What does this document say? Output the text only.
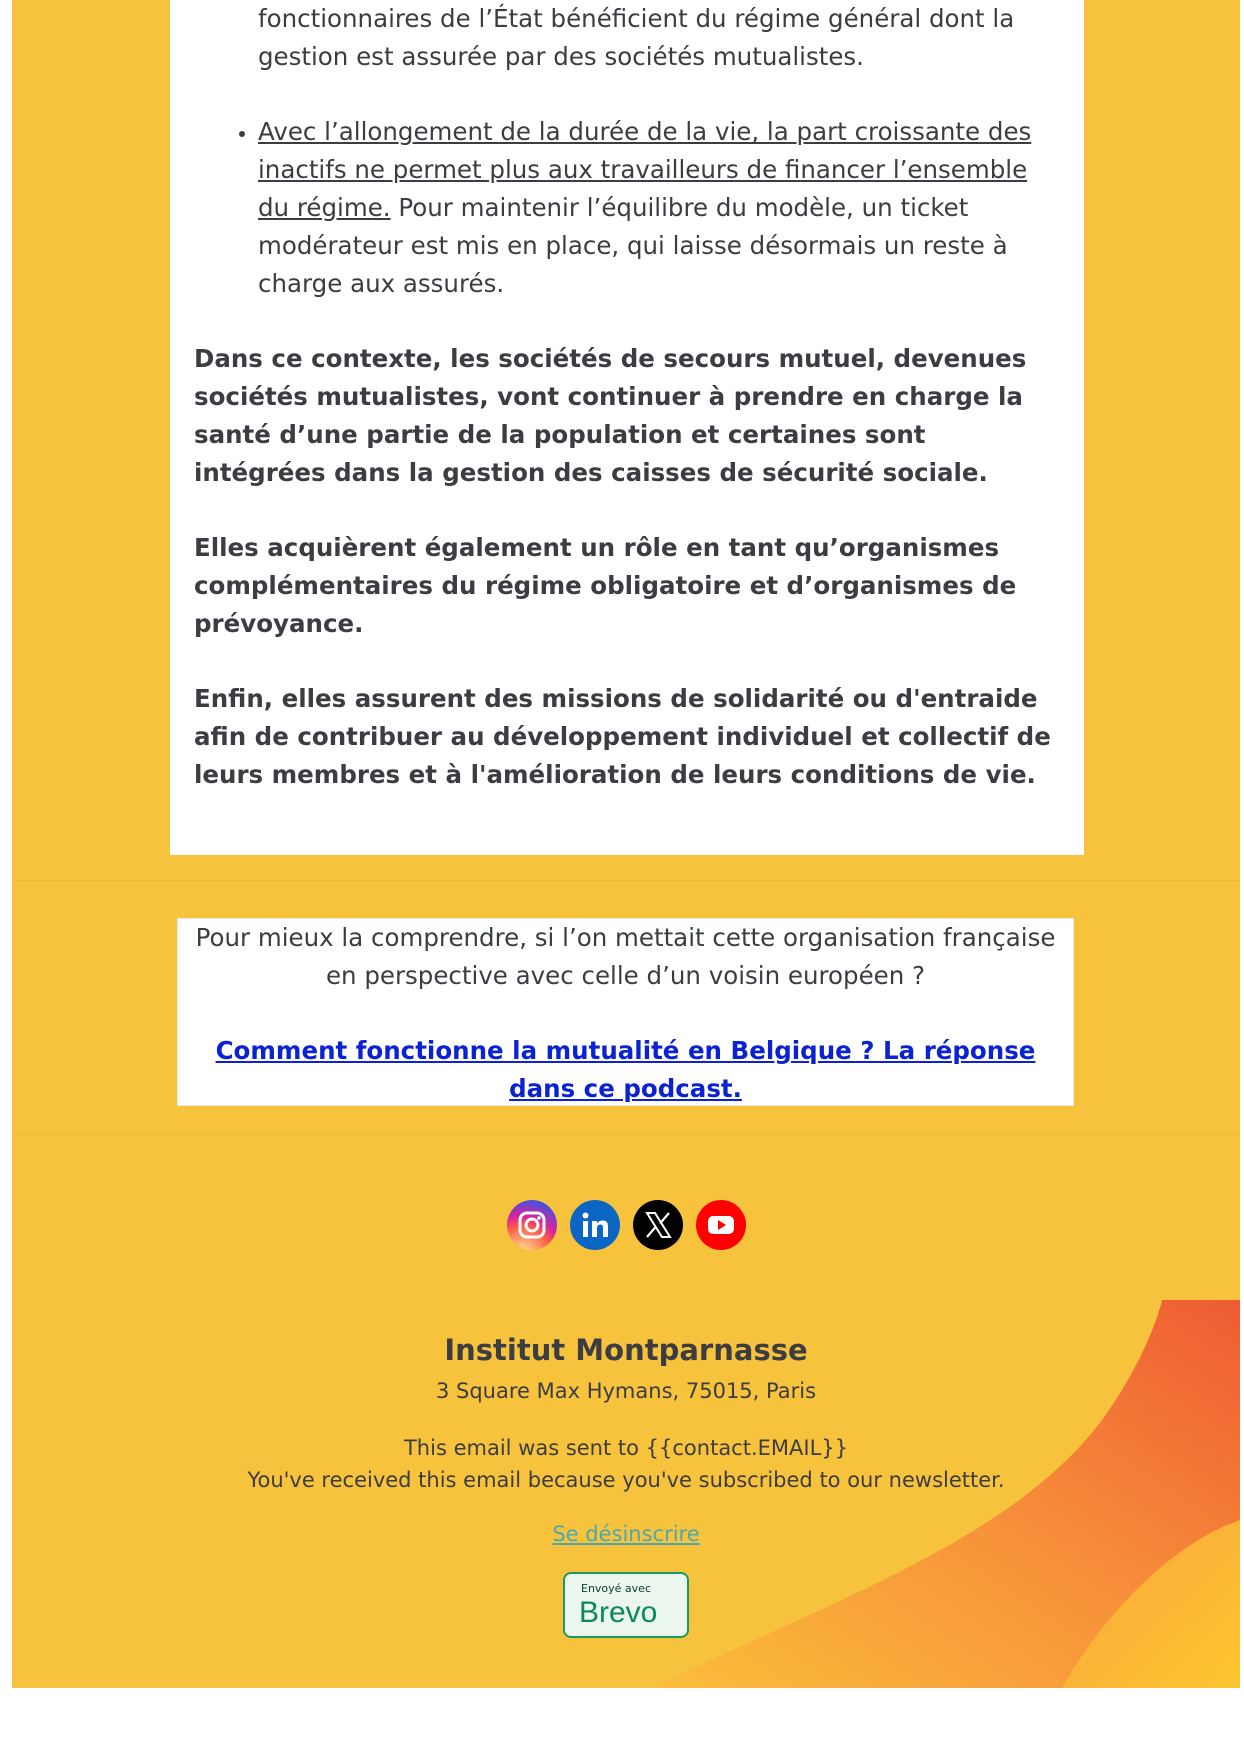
• fonctionnaires de l’État bénéficient du régime général dont la gestion est assurée par des sociétés mutualistes.
• Avec l’allongement de la durée de la vie, la part croissante des inactifs ne permet plus aux travailleurs de financer l’ensemble du régime. Pour maintenir l’équilibre du modèle, un ticket modérateur est mis en place, qui laisse désormais un reste à charge aux assurés.

Dans ce contexte, les sociétés de secours mutuel, devenues sociétés mutualistes, vont continuer à prendre en charge la santé d’une partie de la population et certaines sont intégrées dans la gestion des caisses de sécurité sociale.

Elles acquièrent également un rôle en tant qu’organismes complémentaires du régime obligatoire et d’organismes de prévoyance.

Enfin, elles assurent des missions de solidarité ou d'entraide afin de contribuer au développement individuel et collectif de leurs membres et à l'amélioration de leurs conditions de vie.

Pour mieux la comprendre, si l’on mettait cette organisation française en perspective avec celle d’un voisin européen ?
Comment fonctionne la mutualité en Belgique ? La réponse dans ce podcast.

Institut Montparnasse
3 Square Max Hymans, 75015, Paris
This email was sent to {{contact.EMAIL}}
You've received this email because you've subscribed to our newsletter.
Se désinscrire
Envoyé avec
Brevo
